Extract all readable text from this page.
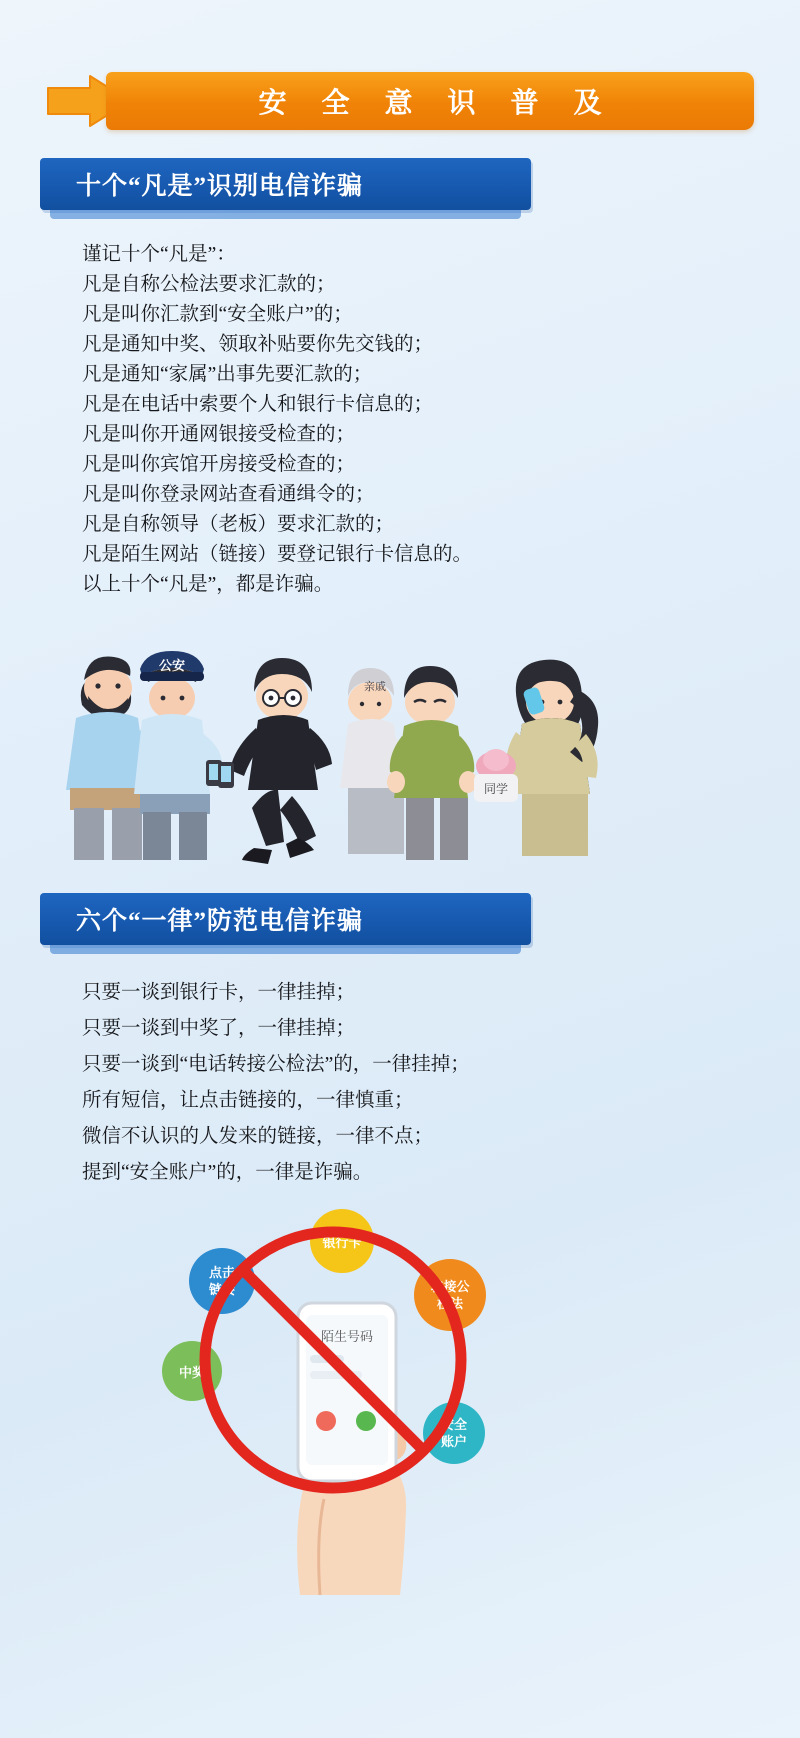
安 全 意 识 普 及
十个“凡是”识别电信诈骗
谨记十个“凡是”：
凡是自称公检法要求汇款的；
凡是叫你汇款到“安全账户”的；
凡是通知中奖、领取补贴要你先交钱的；
凡是通知“家属”出事先要汇款的；
凡是在电话中索要个人和银行卡信息的；
凡是叫你开通网银接受检查的；
凡是叫你宾馆开房接受检查的；
凡是叫你登录网站查看通缉令的；
凡是自称领导（老板）要求汇款的；
凡是陌生网站（链接）要登记银行卡信息的。
以上十个“凡是”，都是诈骗。
公安
亲戚
同学
六个“一律”防范电信诈骗
只要一谈到银行卡，一律挂掉；
只要一谈到中奖了，一律挂掉；
只要一谈到“电话转接公检法”的，一律挂掉；
所有短信，让点击链接的，一律慎重；
微信不认识的人发来的链接，一律不点；
提到“安全账户”的，一律是诈骗。
陌生号码
点击
链接
银行卡
转接公
检法
中奖
安全
账户
